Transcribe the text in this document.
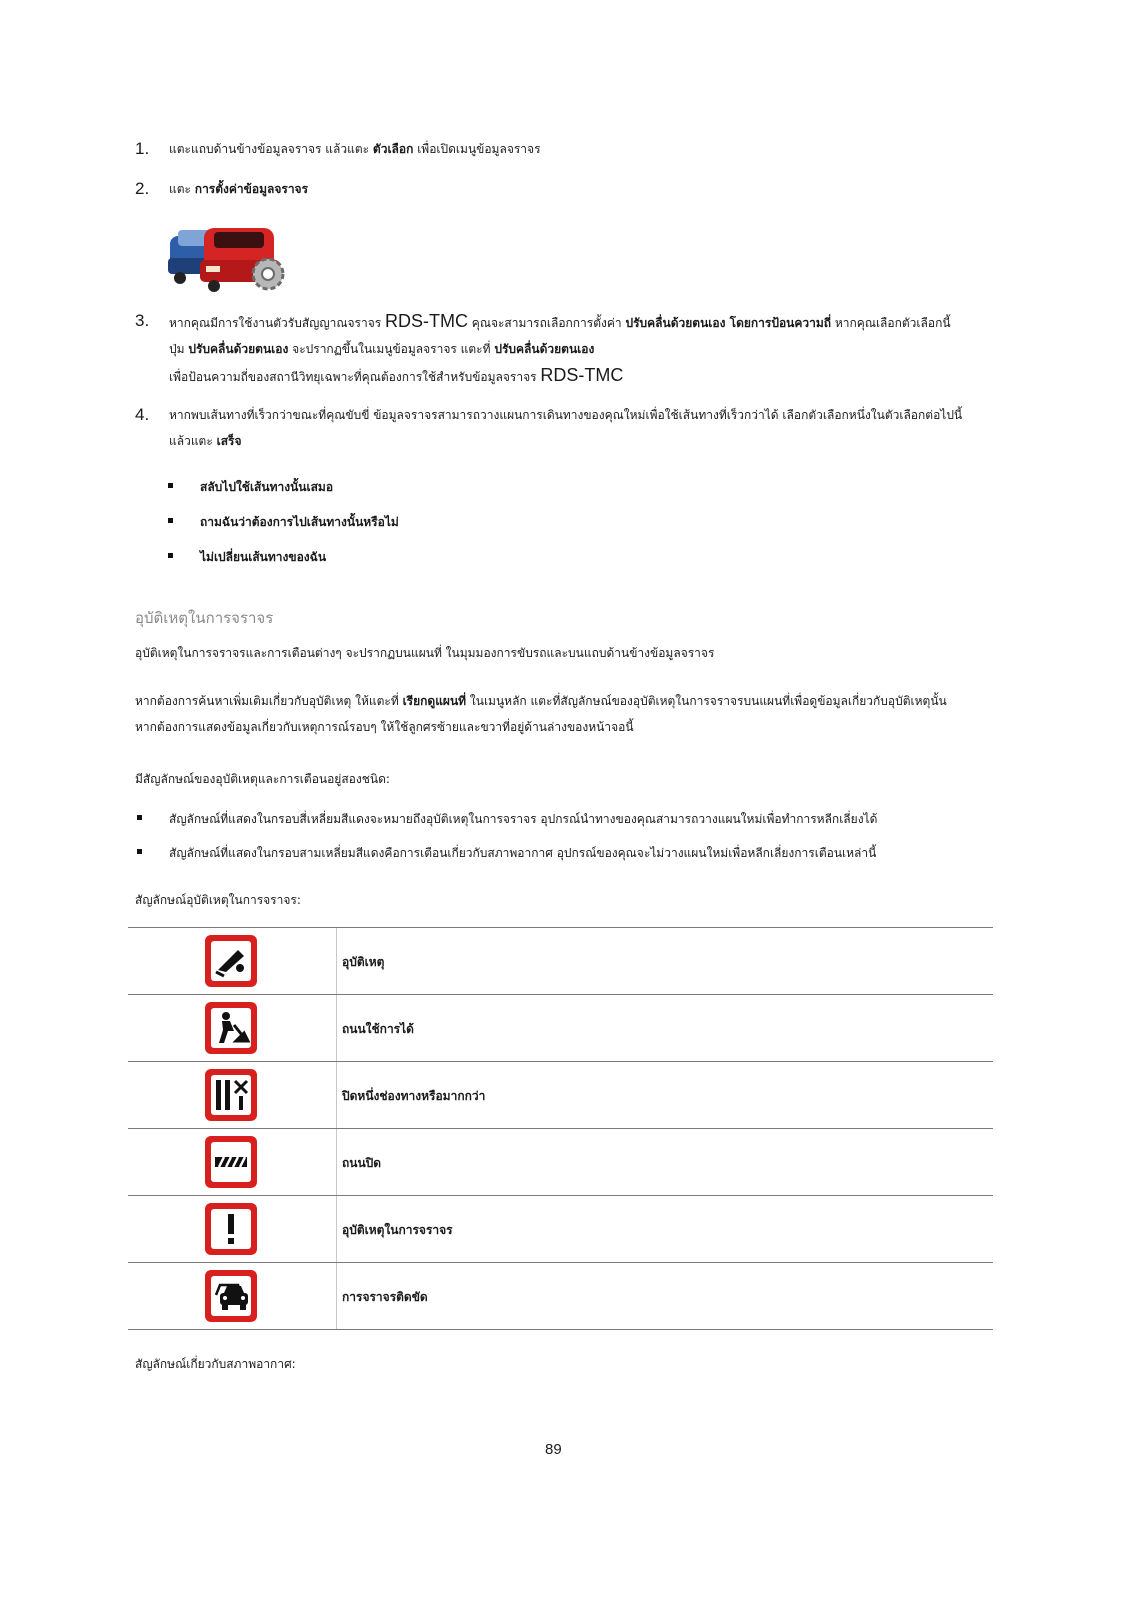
1. แตะแถบด้านข้างข้อมูลจราจร แล้วแตะ ตัวเลือก เพื่อเปิดเมนูข้อมูลจราจร
2. แตะ การตั้งค่าข้อมูลจราจร
3. หากคุณมีการใช้งานตัวรับสัญญาณจราจร RDS-TMC คุณจะสามารถเลือกการตั้งค่า ปรับคลื่นด้วยตนเอง โดยการป้อนความถี่ หากคุณเลือกตัวเลือกนี้
ปุ่ม ปรับคลื่นด้วยตนเอง จะปรากฏขึ้นในเมนูข้อมูลจราจร แตะที่ ปรับคลื่นด้วยตนเอง
เพื่อป้อนความถี่ของสถานีวิทยุเฉพาะที่คุณต้องการใช้สำหรับข้อมูลจราจร RDS-TMC
4. หากพบเส้นทางที่เร็วกว่าขณะที่คุณขับขี่ ข้อมูลจราจรสามารถวางแผนการเดินทางของคุณใหม่เพื่อใช้เส้นทางที่เร็วกว่าได้ เลือกตัวเลือกหนึ่งในตัวเลือกต่อไปนี้
แล้วแตะ เสร็จ
สลับไปใช้เส้นทางนั้นเสมอ
ถามฉันว่าต้องการไปเส้นทางนั้นหรือไม่
ไม่เปลี่ยนเส้นทางของฉัน
อุบัติเหตุในการจราจร
อุบัติเหตุในการจราจรและการเตือนต่างๆ จะปรากฏบนแผนที่ ในมุมมองการขับรถและบนแถบด้านข้างข้อมูลจราจร
หากต้องการค้นหาเพิ่มเติมเกี่ยวกับอุบัติเหตุ ให้แตะที่ เรียกดูแผนที่ ในเมนูหลัก แตะที่สัญลักษณ์ของอุบัติเหตุในการจราจรบนแผนที่เพื่อดูข้อมูลเกี่ยวกับอุบัติเหตุนั้น
หากต้องการแสดงข้อมูลเกี่ยวกับเหตุการณ์รอบๆ ให้ใช้ลูกศรซ้ายและขวาที่อยู่ด้านล่างของหน้าจอนี้
มีสัญลักษณ์ของอุบัติเหตุและการเตือนอยู่สองชนิด:
สัญลักษณ์ที่แสดงในกรอบสี่เหลี่ยมสีแดงจะหมายถึงอุบัติเหตุในการจราจร อุปกรณ์นำทางของคุณสามารถวางแผนใหม่เพื่อทำการหลีกเลี่ยงได้
สัญลักษณ์ที่แสดงในกรอบสามเหลี่ยมสีแดงคือการเตือนเกี่ยวกับสภาพอากาศ อุปกรณ์ของคุณจะไม่วางแผนใหม่เพื่อหลีกเลี่ยงการเตือนเหล่านี้
สัญลักษณ์อุบัติเหตุในการจราจร:
อุบัติเหตุ
ถนนใช้การได้
ปิดหนึ่งช่องทางหรือมากกว่า
ถนนปิด
อุบัติเหตุในการจราจร
การจราจรติดขัด
สัญลักษณ์เกี่ยวกับสภาพอากาศ:
89
